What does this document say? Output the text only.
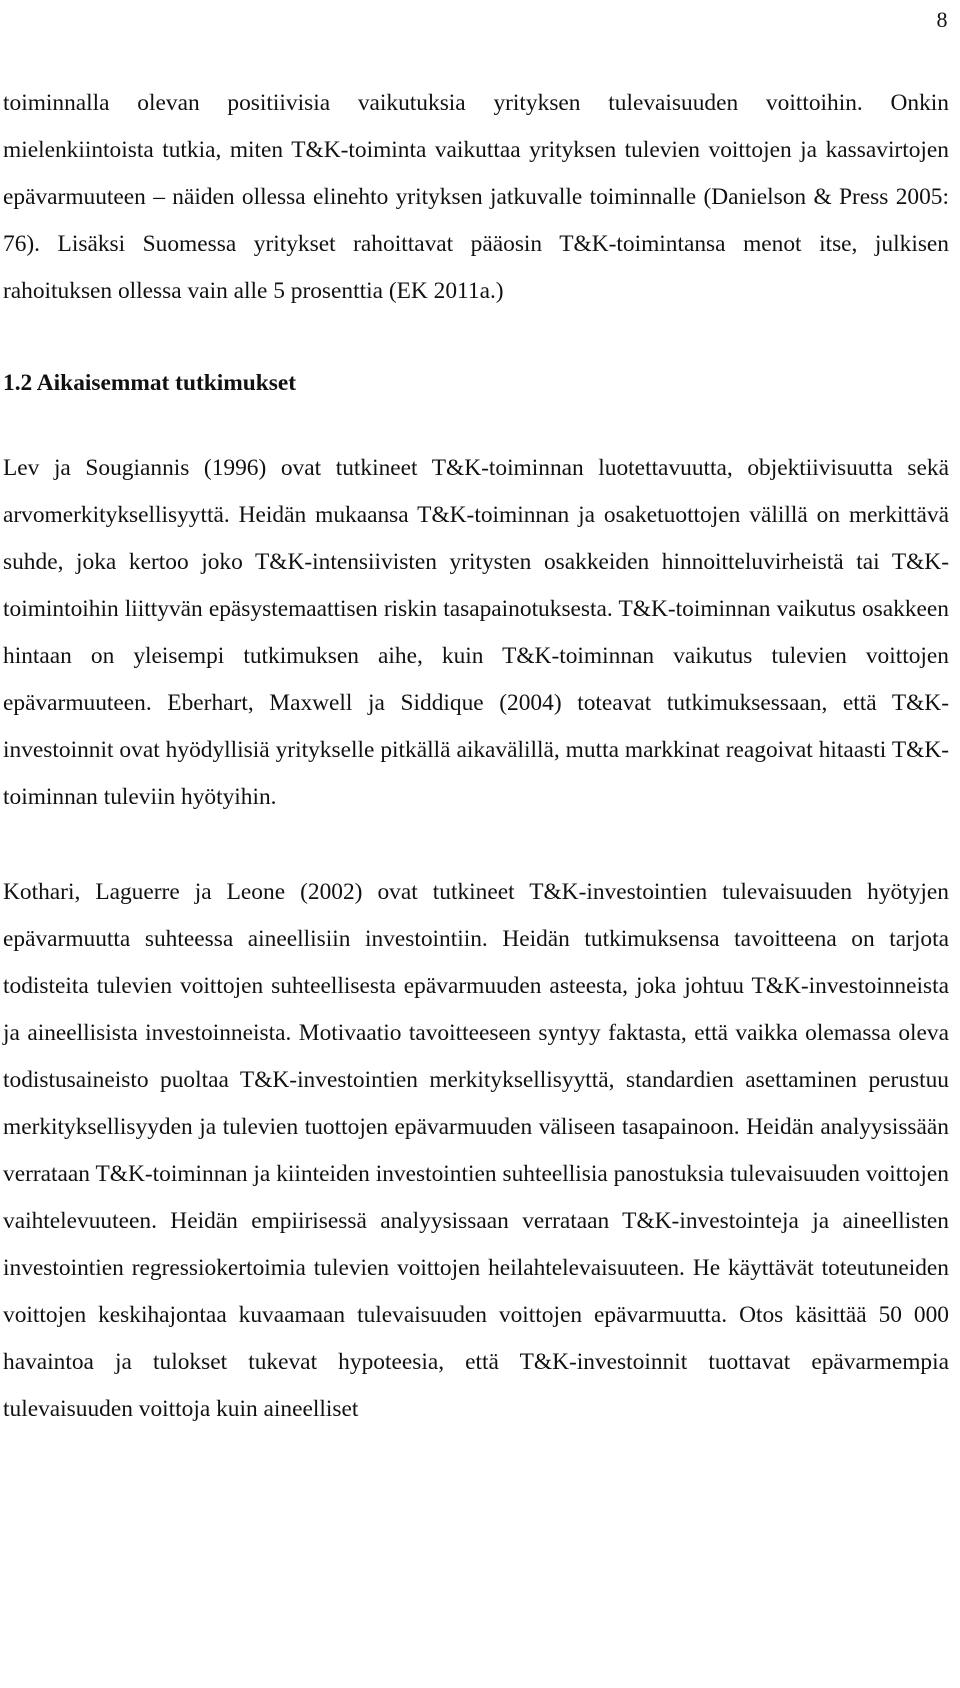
8

toiminnalla olevan positiivisia vaikutuksia yrityksen tulevaisuuden voittoihin. Onkin mielenkiintoista tutkia, miten T&K-toiminta vaikuttaa yrityksen tulevien voittojen ja kassavirtojen epävarmuuteen – näiden ollessa elinehto yrityksen jatkuvalle toiminnalle (Danielson & Press 2005: 76). Lisäksi Suomessa yritykset rahoittavat pääosin T&K-toimintansa menot itse, julkisen rahoituksen ollessa vain alle 5 prosenttia (EK 2011a.)

1.2 Aikaisemmat tutkimukset

Lev ja Sougiannis (1996) ovat tutkineet T&K-toiminnan luotettavuutta, objektiivisuutta sekä arvomerkityksellisyyttä. Heidän mukaansa T&K-toiminnan ja osaketuottojen välillä on merkittävä suhde, joka kertoo joko T&K-intensiivisten yritysten osakkeiden hinnoitteluvirheistä tai T&K-toimintoihin liittyvän epäsystemaattisen riskin tasapainotuksesta. T&K-toiminnan vaikutus osakkeen hintaan on yleisempi tutkimuksen aihe, kuin T&K-toiminnan vaikutus tulevien voittojen epävarmuuteen. Eberhart, Maxwell ja Siddique (2004) toteavat tutkimuksessaan, että T&K-investoinnit ovat hyödyllisiä yritykselle pitkällä aikavälillä, mutta markkinat reagoivat hitaasti T&K-toiminnan tuleviin hyötyihin.

Kothari, Laguerre ja Leone (2002) ovat tutkineet T&K-investointien tulevaisuuden hyötyjen epävarmuutta suhteessa aineellisiin investointiin. Heidän tutkimuksensa tavoitteena on tarjota todisteita tulevien voittojen suhteellisesta epävarmuuden asteesta, joka johtuu T&K-investoinneista ja aineellisista investoinneista. Motivaatio tavoitteeseen syntyy faktasta, että vaikka olemassa oleva todistusaineisto puoltaa T&K-investointien merkityksellisyyttä, standardien asettaminen perustuu merkityksellisyyden ja tulevien tuottojen epävarmuuden väliseen tasapainoon. Heidän analyysissään verrataan T&K-toiminnan ja kiinteiden investointien suhteellisia panostuksia tulevaisuuden voittojen vaihtelevuuteen. Heidän empiirisessä analyysissaan verrataan T&K-investointeja ja aineellisten investointien regressiokertoimia tulevien voittojen heilahtelevaisuuteen. He käyttävät toteutuneiden voittojen keskihajontaa kuvaamaan tulevaisuuden voittojen epävarmuutta. Otos käsittää 50 000 havaintoa ja tulokset tukevat hypoteesia, että T&K-investoinnit tuottavat epävarmempia tulevaisuuden voittoja kuin aineelliset
